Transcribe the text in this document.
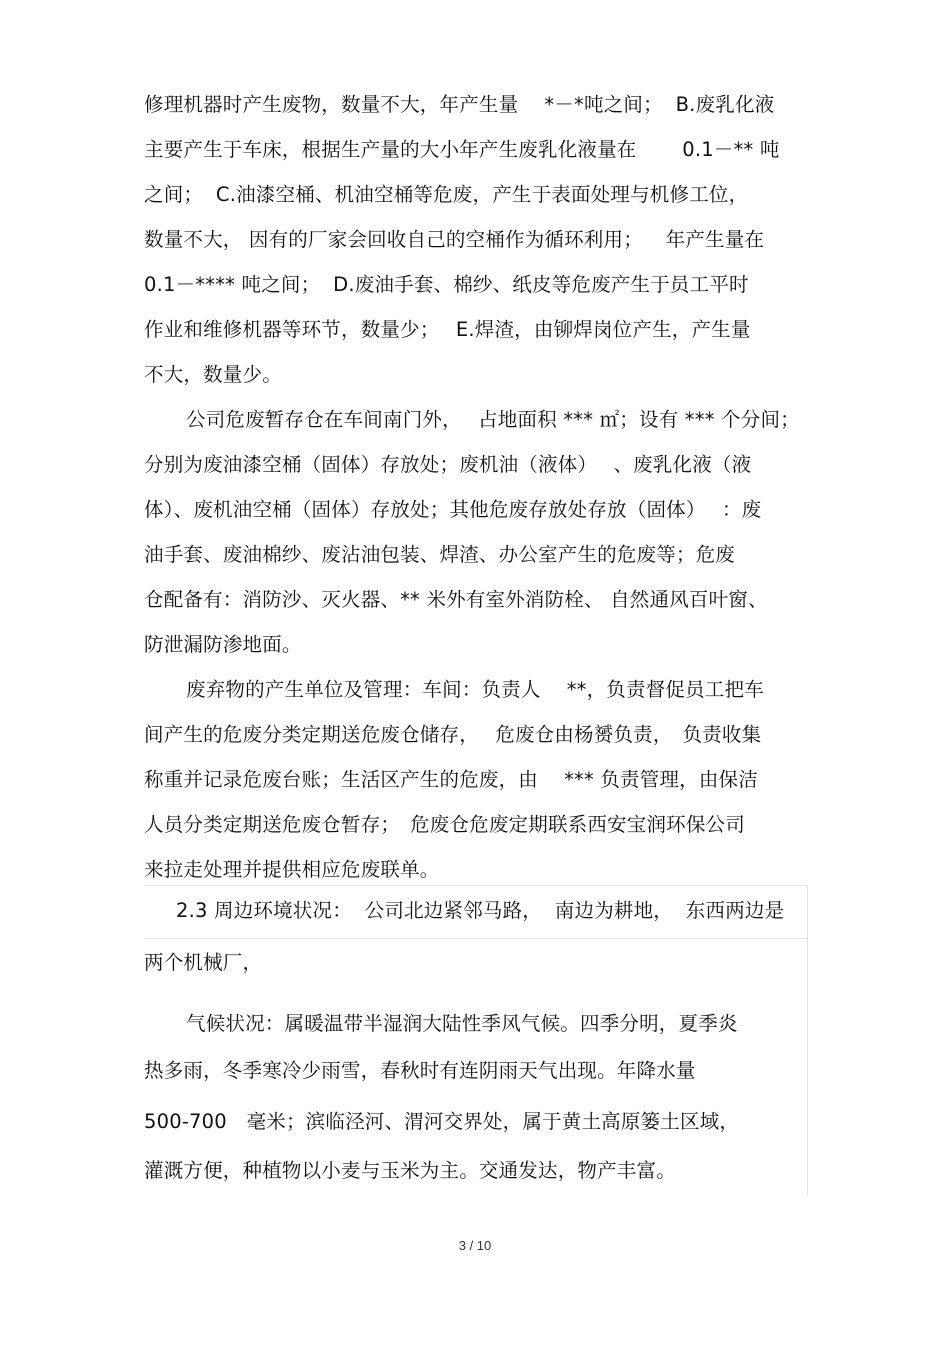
修理机器时产生废物，数量不大，年产生量　 *－*吨之间；  B.废乳化液
主要产生于车床，根据生产量的大小年产生废乳化液量在　　 0.1－** 吨
之间；  C.油漆空桶、机油空桶等危废，产生于表面处理与机修工位，
数量不大， 因有的厂家会回收自己的空桶作为循环利用；　  年产生量在
0.1－**** 吨之间；  D.废油手套、棉纱、纸皮等危废产生于员工平时
作业和维修机器等环节，数量少；　 E.焊渣，由铆焊岗位产生，产生量
不大，数量少。
公司危废暂存仓在车间南门外，　 占地面积 *** ㎡；设有 *** 个分间；
分别为废油漆空桶（固体）存放处；废机油（液体）　 、废乳化液（液
体）、废机油空桶（固体）存放处；其他危废存放处存放（固体）　 ：废
油手套、废油棉纱、废沾油包装、焊渣、办公室产生的危废等；危废
仓配备有：消防沙、灭火器、** 米外有室外消防栓、 自然通风百叶窗、
防泄漏防渗地面。
废弃物的产生单位及管理：车间：负责人　 **，负责督促员工把车
间产生的危废分类定期送危废仓储存，　 危废仓由杨赟负责，　负责收集
称重并记录危废台账；生活区产生的危废，由　 *** 负责管理，由保洁
人员分类定期送危废仓暂存；　危废仓危废定期联系西安宝润环保公司
来拉走处理并提供相应危废联单。
2.3 周边环境状况：  公司北边紧邻马路，  南边为耕地，  东西两边是
两个机械厂，
气候状况：属暖温带半湿润大陆性季风气候。四季分明，夏季炎
热多雨，冬季寒冷少雨雪，春秋时有连阴雨天气出现。年降水量
500-700　毫米；滨临泾河、渭河交界处，属于黄土高原篓土区域，
灌溉方便，种植物以小麦与玉米为主。交通发达，物产丰富。
3 / 10
